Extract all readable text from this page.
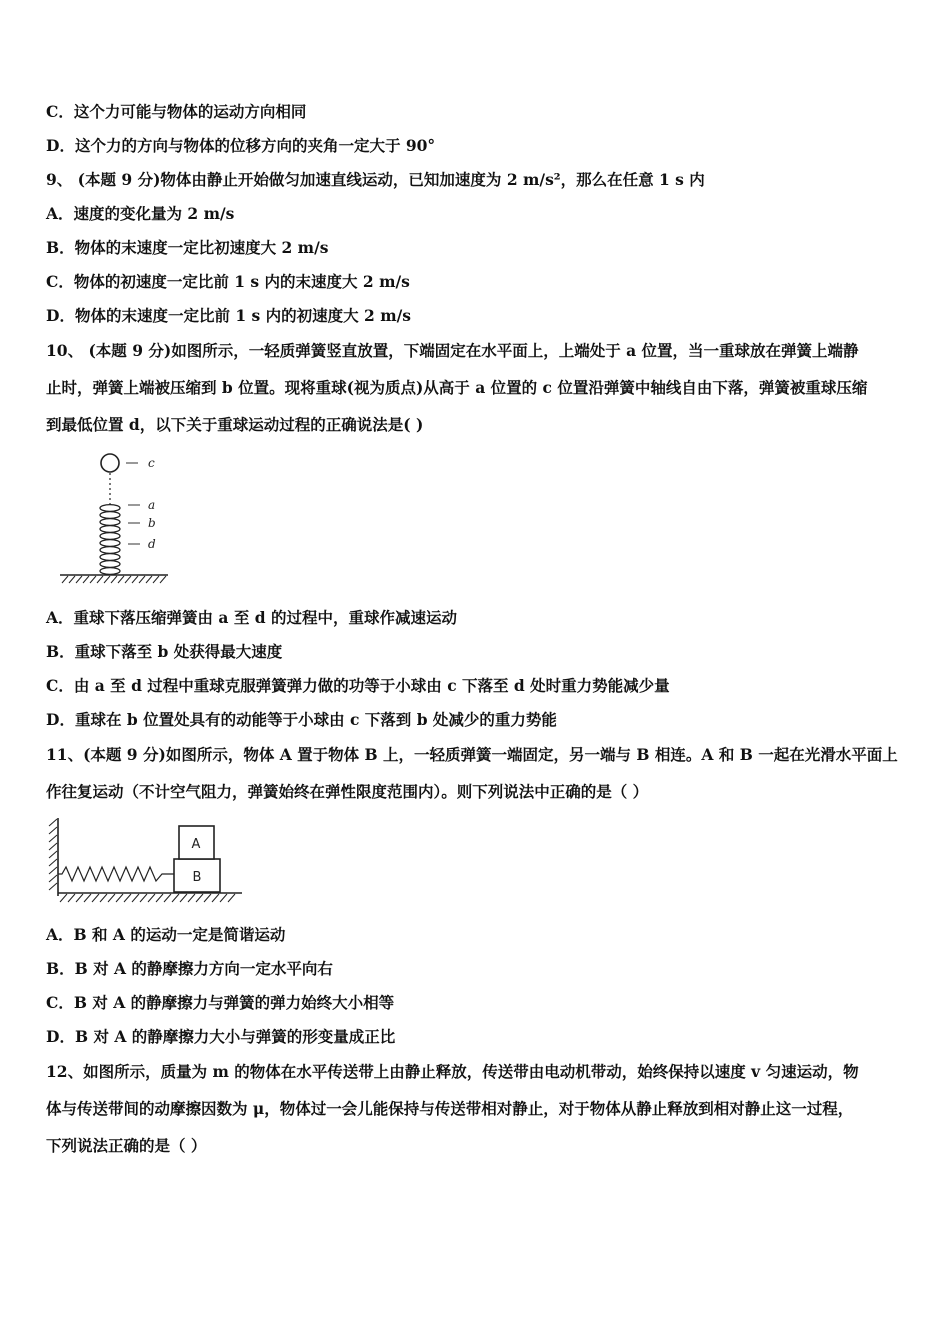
C．这个力可能与物体的运动方向相同
D．这个力的方向与物体的位移方向的夹角一定大于 90°
9、 (本题 9 分)物体由静止开始做匀加速直线运动，已知加速度为 2 m/s²，那么在任意 1 s 内
A．速度的变化量为 2 m/s
B．物体的末速度一定比初速度大 2 m/s
C．物体的初速度一定比前 1 s 内的末速度大 2 m/s
D．物体的末速度一定比前 1 s 内的初速度大 2 m/s
10、 (本题 9 分)如图所示，一轻质弹簧竖直放置，下端固定在水平面上，上端处于 a 位置，当一重球放在弹簧上端静
止时，弹簧上端被压缩到 b 位置。现将重球(视为质点)从高于 a 位置的 c 位置沿弹簧中轴线自由下落，弹簧被重球压缩
到最低位置 d，以下关于重球运动过程的正确说法是( )
c
a
b
d
A．重球下落压缩弹簧由 a 至 d 的过程中，重球作减速运动
B．重球下落至 b 处获得最大速度
C．由 a 至 d 过程中重球克服弹簧弹力做的功等于小球由 c 下落至 d 处时重力势能减少量
D．重球在 b 位置处具有的动能等于小球由 c 下落到 b 处减少的重力势能
11、(本题 9 分)如图所示，物体 A 置于物体 B 上，一轻质弹簧一端固定，另一端与 B 相连。A 和 B 一起在光滑水平面上
作往复运动（不计空气阻力，弹簧始终在弹性限度范围内）。则下列说法中正确的是（ ）
B
A
A．B 和 A 的运动一定是简谐运动
B．B 对 A 的静摩擦力方向一定水平向右
C．B 对 A 的静摩擦力与弹簧的弹力始终大小相等
D．B 对 A 的静摩擦力大小与弹簧的形变量成正比
12、如图所示，质量为 m 的物体在水平传送带上由静止释放，传送带由电动机带动，始终保持以速度 v 匀速运动，物
体与传送带间的动摩擦因数为 μ，物体过一会儿能保持与传送带相对静止，对于物体从静止释放到相对静止这一过程，
下列说法正确的是（ ）
